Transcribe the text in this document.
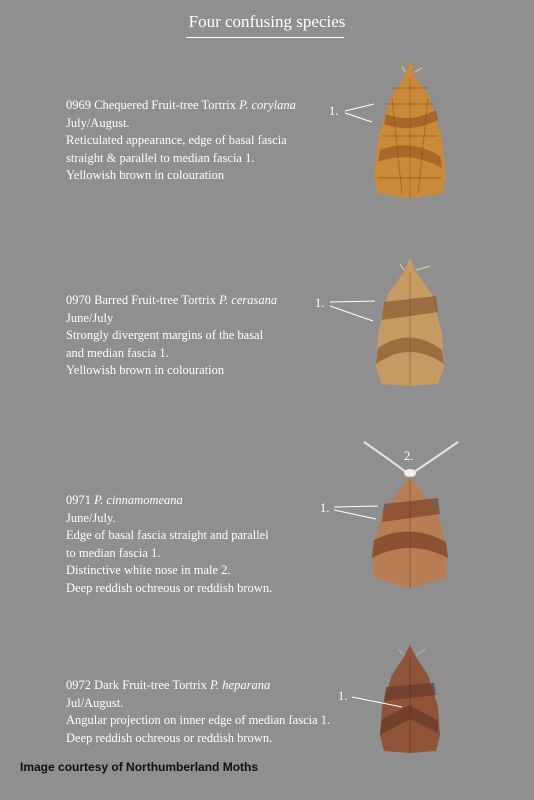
Four confusing species
0969 Chequered Fruit-tree Tortrix P. corylana
July/August.
Reticulated appearance, edge of basal fascia
straight & parallel to median fascia 1.
Yellowish brown in colouration
0970 Barred Fruit-tree Tortrix P. cerasana
June/July
Strongly divergent margins of the basal
and median fascia 1.
Yellowish brown in colouration
0971 P. cinnamomeana
June/July.
Edge of basal fascia straight and parallel
to median fascia 1.
Distinctive white nose in male 2.
Deep reddish ochreous or reddish brown.
0972 Dark Fruit-tree Tortrix P. heparana
Jul/August.
Angular projection on inner edge of median fascia 1.
Deep reddish ochreous or reddish brown.
1.
1.
2.
1.
1.
Image courtesy of Northumberland Moths
